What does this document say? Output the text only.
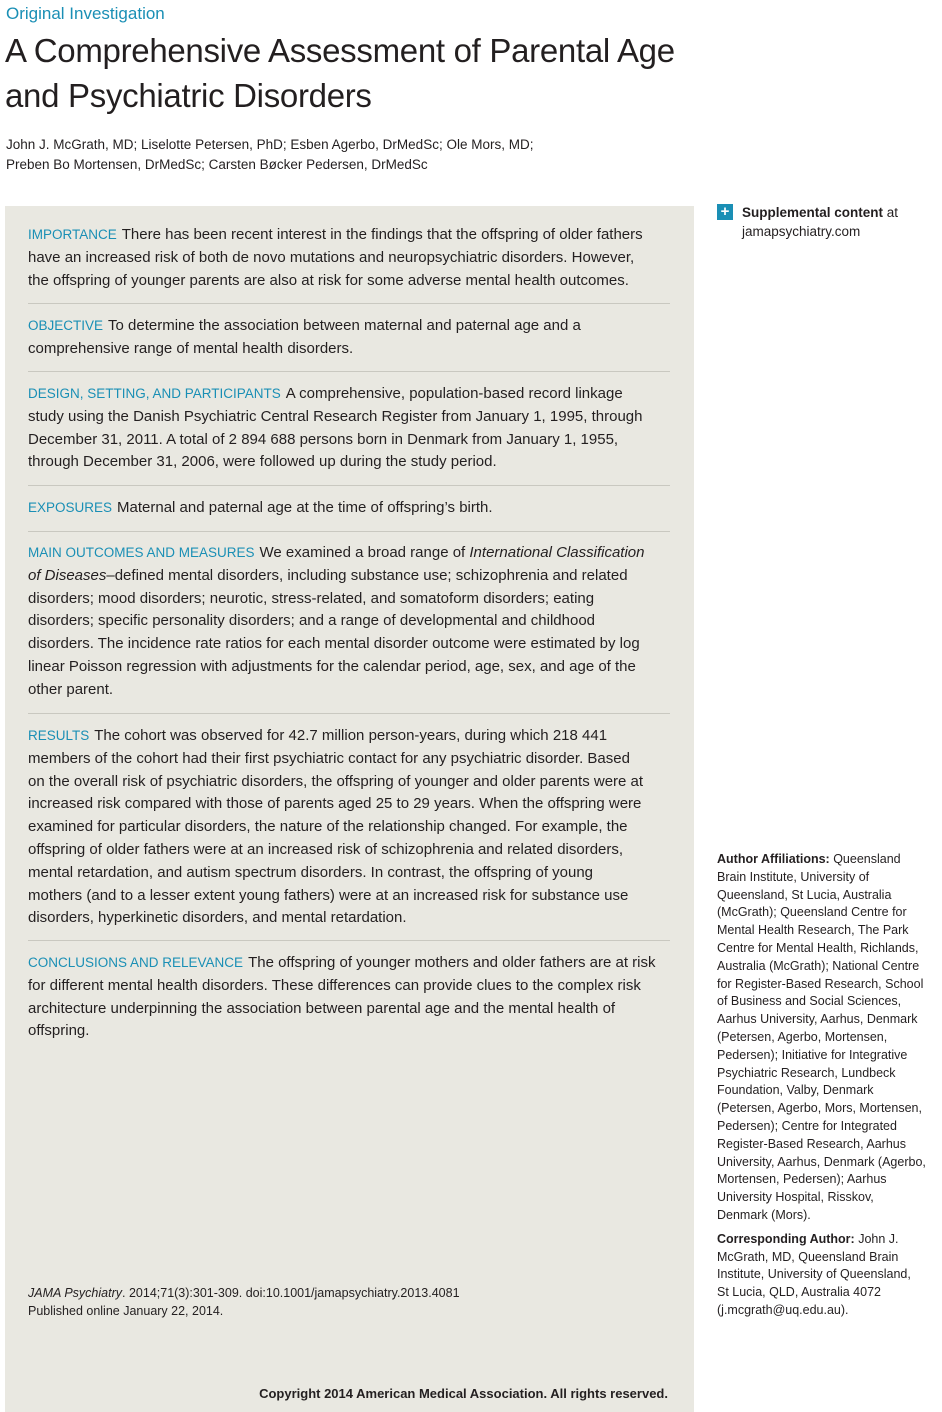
Original Investigation
A Comprehensive Assessment of Parental Age
and Psychiatric Disorders
John J. McGrath, MD; Liselotte Petersen, PhD; Esben Agerbo, DrMedSc; Ole Mors, MD;
Preben Bo Mortensen, DrMedSc; Carsten Bøcker Pedersen, DrMedSc
IMPORTANCE There has been recent interest in the findings that the offspring of older fathers
have an increased risk of both de novo mutations and neuropsychiatric disorders. However,
the offspring of younger parents are also at risk for some adverse mental health outcomes.
OBJECTIVE To determine the association between maternal and paternal age and a
comprehensive range of mental health disorders.
DESIGN, SETTING, AND PARTICIPANTS A comprehensive, population-based record linkage
study using the Danish Psychiatric Central Research Register from January 1, 1995, through
December 31, 2011. A total of 2 894 688 persons born in Denmark from January 1, 1955,
through December 31, 2006, were followed up during the study period.
EXPOSURES Maternal and paternal age at the time of offspring’s birth.
MAIN OUTCOMES AND MEASURES We examined a broad range of International Classification
of Diseases–defined mental disorders, including substance use; schizophrenia and related
disorders; mood disorders; neurotic, stress-related, and somatoform disorders; eating
disorders; specific personality disorders; and a range of developmental and childhood
disorders. The incidence rate ratios for each mental disorder outcome were estimated by log
linear Poisson regression with adjustments for the calendar period, age, sex, and age of the
other parent.
RESULTS The cohort was observed for 42.7 million person-years, during which 218 441
members of the cohort had their first psychiatric contact for any psychiatric disorder. Based
on the overall risk of psychiatric disorders, the offspring of younger and older parents were at
increased risk compared with those of parents aged 25 to 29 years. When the offspring were
examined for particular disorders, the nature of the relationship changed. For example, the
offspring of older fathers were at an increased risk of schizophrenia and related disorders,
mental retardation, and autism spectrum disorders. In contrast, the offspring of young
mothers (and to a lesser extent young fathers) were at an increased risk for substance use
disorders, hyperkinetic disorders, and mental retardation.
CONCLUSIONS AND RELEVANCE The offspring of younger mothers and older fathers are at risk
for different mental health disorders. These differences can provide clues to the complex risk
architecture underpinning the association between parental age and the mental health of
offspring.
JAMA Psychiatry. 2014;71(3):301-309. doi:10.1001/jamapsychiatry.2013.4081
Published online January 22, 2014.
Copyright 2014 American Medical Association. All rights reserved.
+ Supplemental content at
jamapsychiatry.com
Author Affiliations: Queensland
Brain Institute, University of
Queensland, St Lucia, Australia
(McGrath); Queensland Centre for
Mental Health Research, The Park
Centre for Mental Health, Richlands,
Australia (McGrath); National Centre
for Register-Based Research, School
of Business and Social Sciences,
Aarhus University, Aarhus, Denmark
(Petersen, Agerbo, Mortensen,
Pedersen); Initiative for Integrative
Psychiatric Research, Lundbeck
Foundation, Valby, Denmark
(Petersen, Agerbo, Mors, Mortensen,
Pedersen); Centre for Integrated
Register-Based Research, Aarhus
University, Aarhus, Denmark (Agerbo,
Mortensen, Pedersen); Aarhus
University Hospital, Risskov,
Denmark (Mors).
Corresponding Author: John J.
McGrath, MD, Queensland Brain
Institute, University of Queensland,
St Lucia, QLD, Australia 4072
(j.mcgrath@uq.edu.au).
